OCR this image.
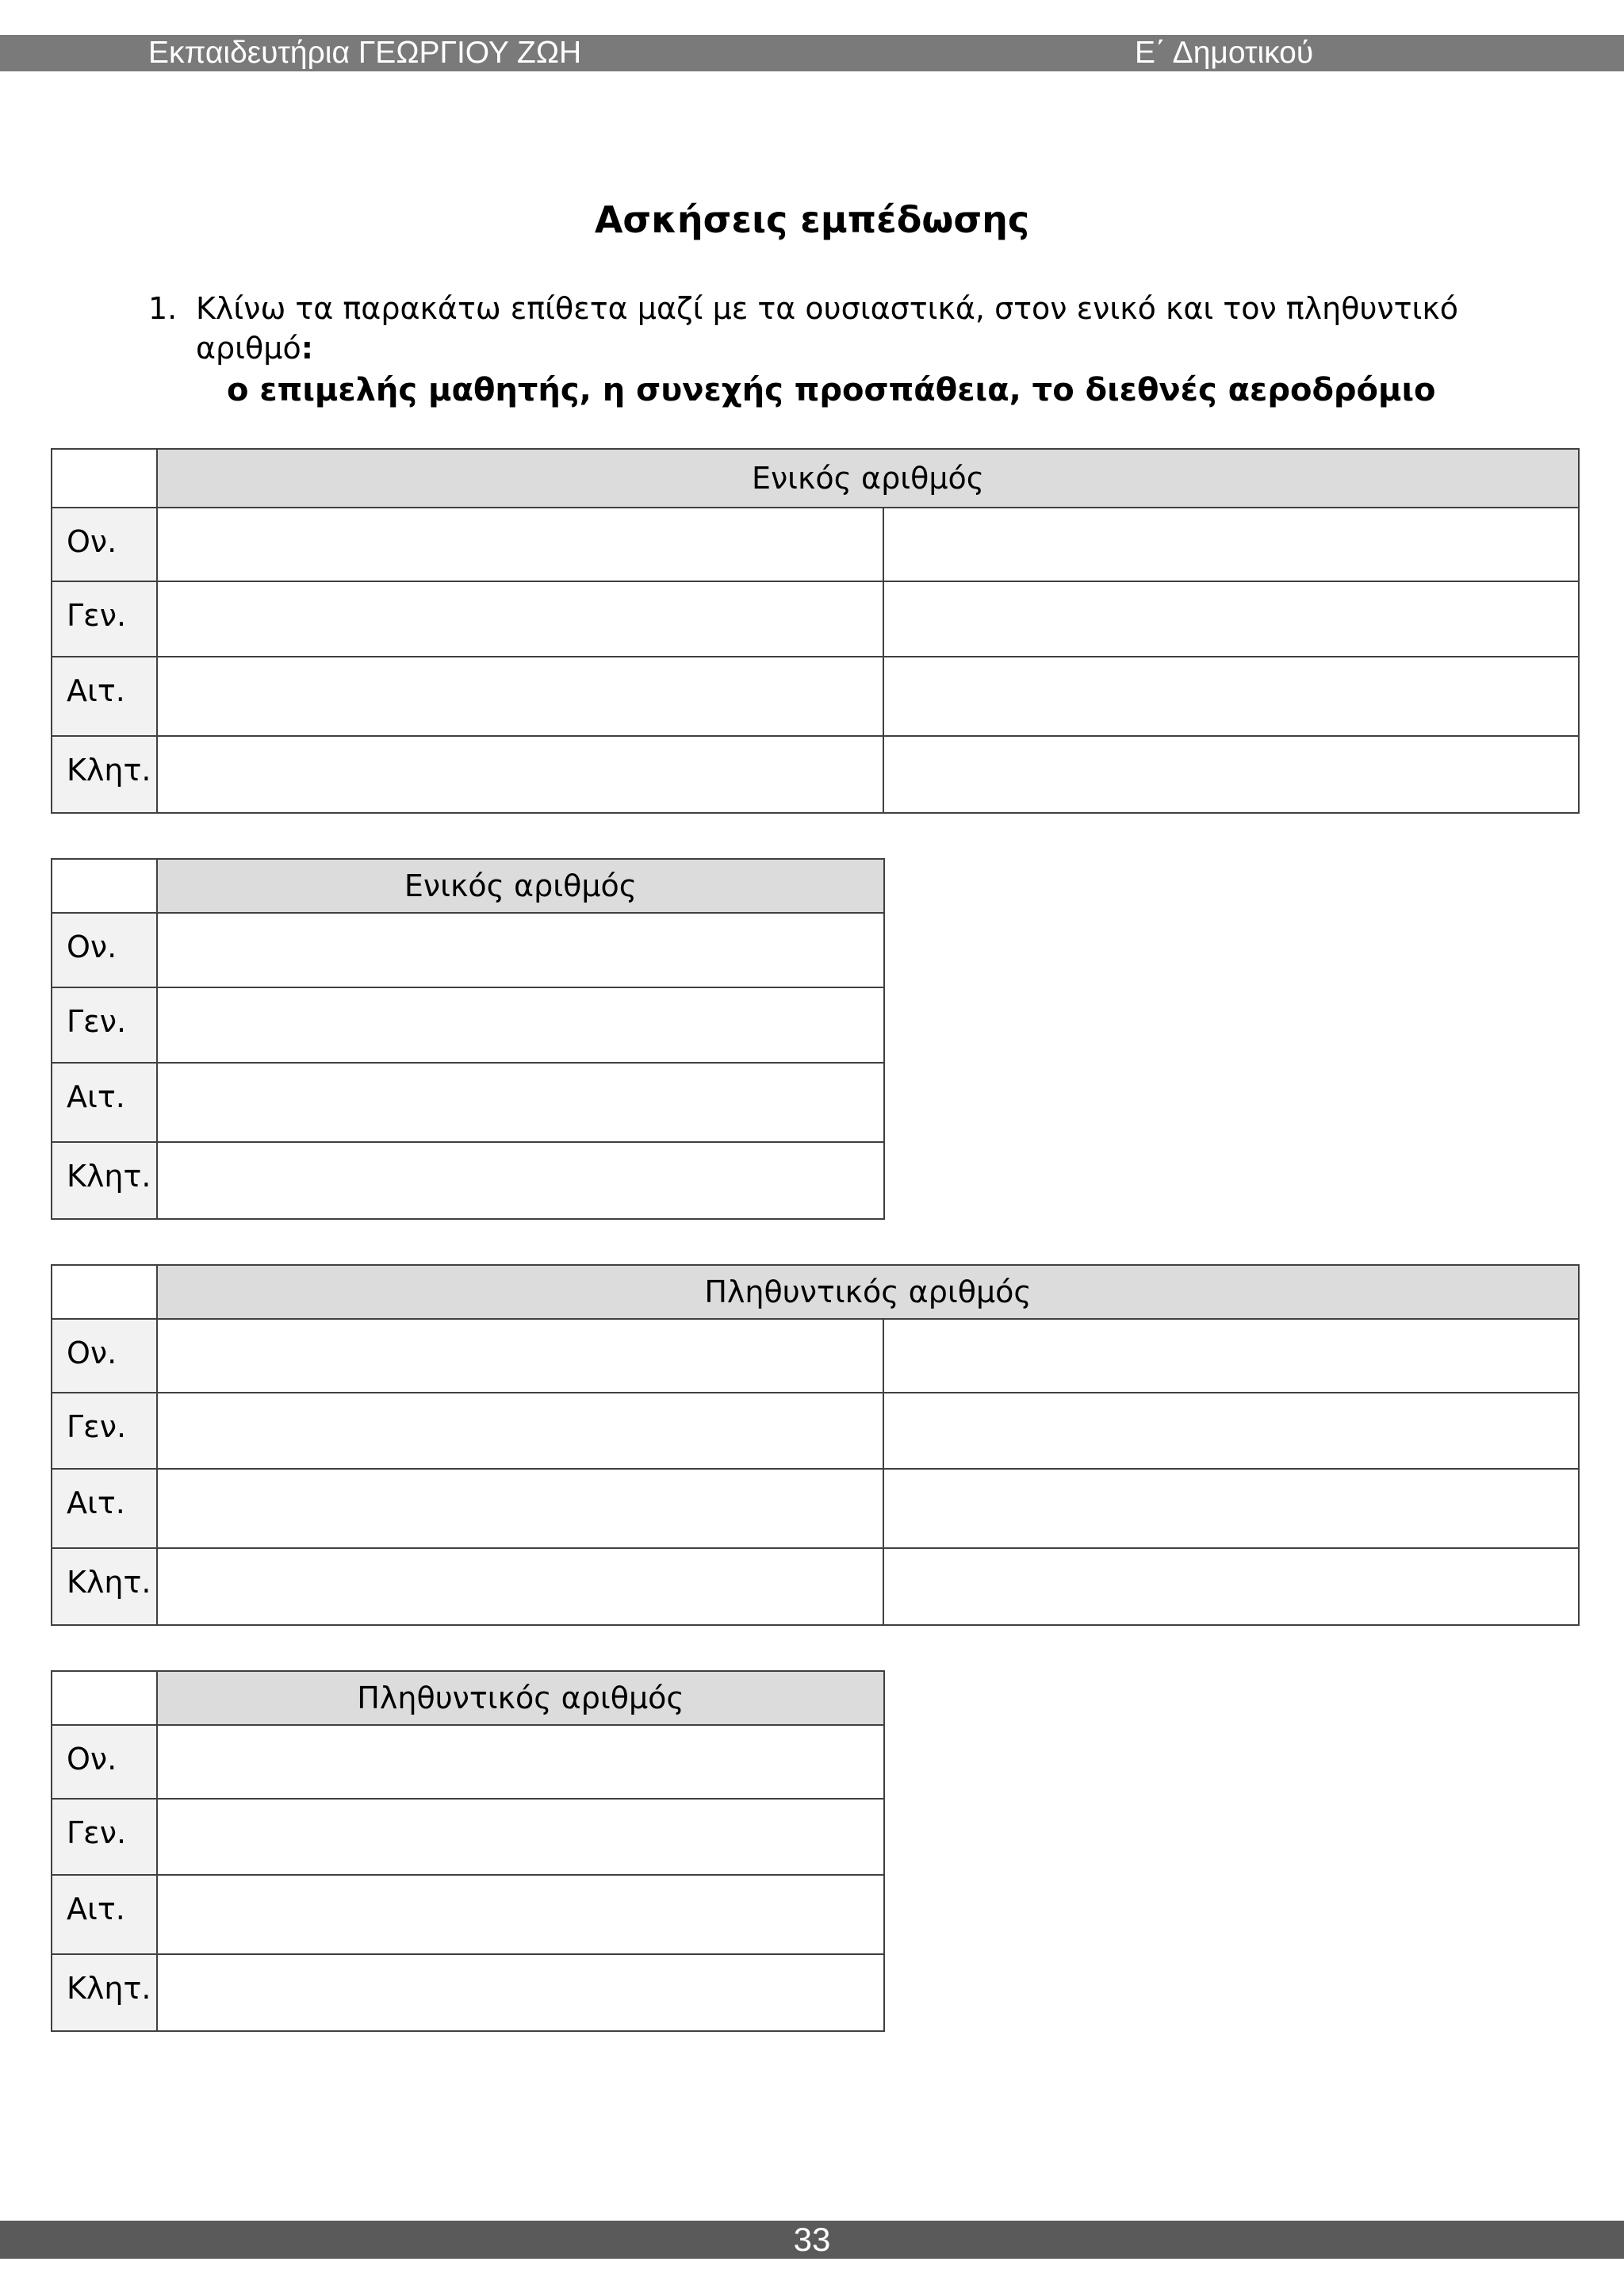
Εκπαιδευτήρια ΓΕΩΡΓΙΟΥ ΖΩΗ	Ε΄ Δημοτικού
Ασκήσεις εμπέδωσης
1. Κλίνω τα παρακάτω επίθετα μαζί με τα ουσιαστικά, στον ενικό και τον πληθυντικό αριθμό:
ο επιμελής μαθητής, η συνεχής προσπάθεια, το διεθνές αεροδρόμιο
	Ενικός αριθμός	
Ον.		
Γεν.		
Αιτ.		
Κλητ.		
	Ενικός αριθμός
Ον.	
Γεν.	
Αιτ.	
Κλητ.	
	Πληθυντικός αριθμός	
Ον.		
Γεν.		
Αιτ.		
Κλητ.		
	Πληθυντικός αριθμός
Ον.	
Γεν.	
Αιτ.	
Κλητ.	
33
